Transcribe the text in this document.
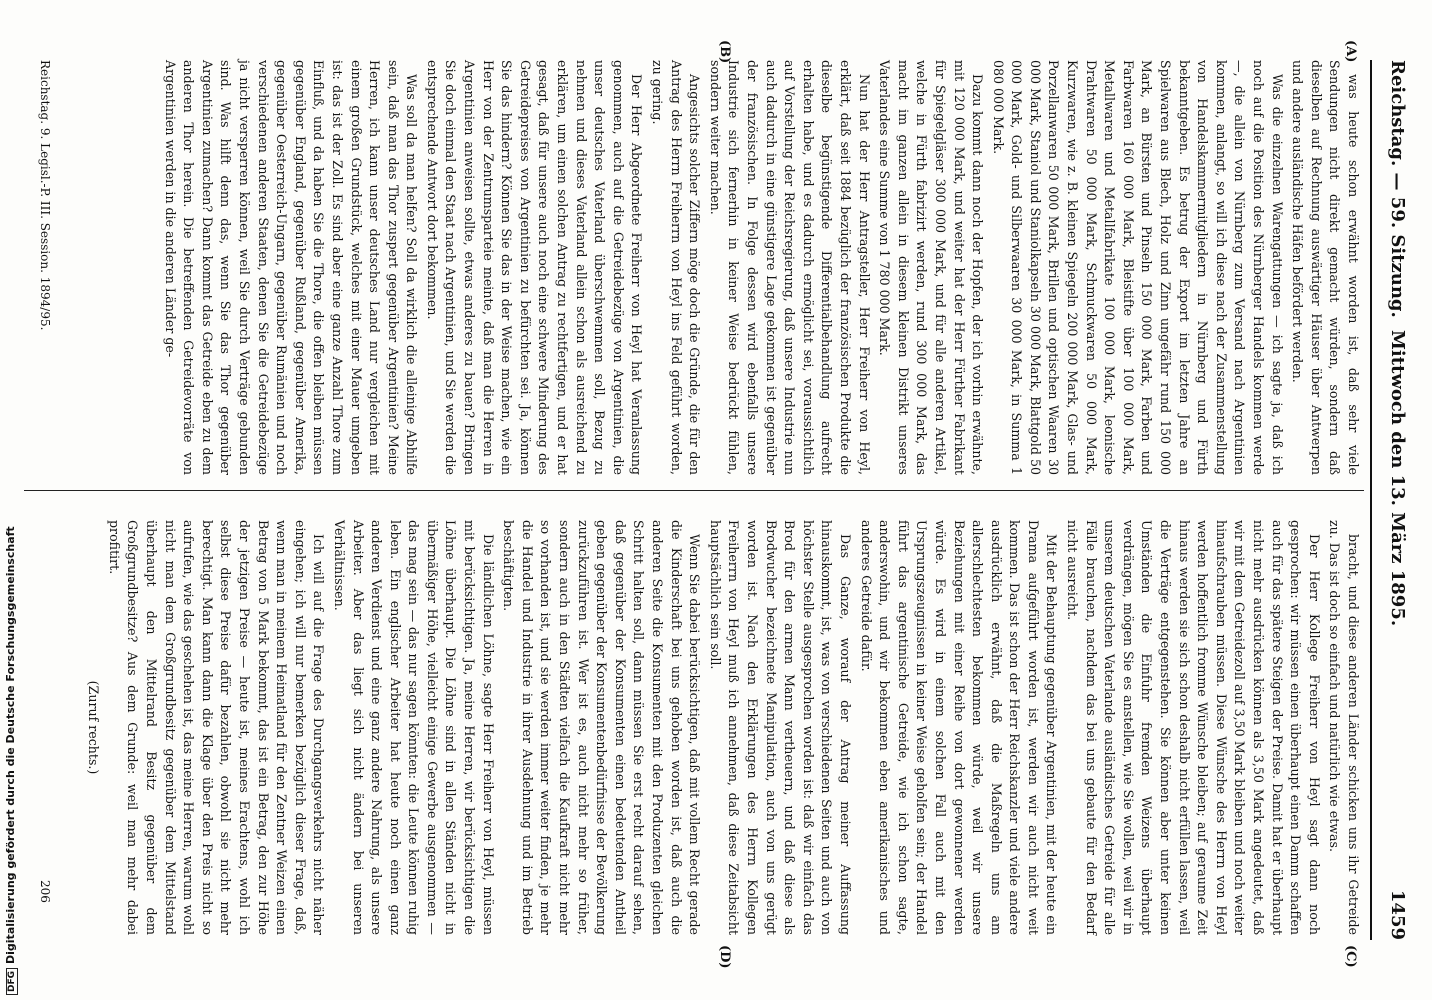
Reichstag. — 59. Sitzung.
Mittwoch den 13. März 1895.
1459
(A)
(B)
(C)
(D)

was heute schon erwähnt worden ist, daß sehr viele Sendungen nicht direkt gemacht würden, sondern daß dieselben auf Rechnung auswärtiger Häuser über Antwerpen und andere ausländische Häfen befördert werden.

Was die einzelnen Warengattungen — ich sagte ja, daß ich noch auf die Position des Nürnberger Handels kommen werde —, die allein von Nürnberg zum Versand nach Argentinien kommen, anlangt, so will ich diese nach der Zusammenstellung von Handelskammermitgliedern in Nürnberg und Fürth bekanntgeben. Es betrug der Export im letzten Jahre an Spielwaren aus Blech, Holz und Zinn ungefähr rund 150 000 Mark, an Bürsten und Pinseln 150 000 Mark, Farben und Farbwaren 160 000 Mark, Bleistifte über 100 000 Mark, Metallwaren und Metallfabrikate 100 000 Mark, leonische Drahtwaren 50 000 Mark, Schmuckwaren 50 000 Mark, Kurzwaren, wie z. B. kleinen Spiegeln 200 000 Mark, Glas- und Porzellanwaren 50 000 Mark, Brillen und optischen Waaren 30 000 Mark, Staniol und Staniolkapseln 30 000 Mark, Blattgold 50 000 Mark, Gold- und Silberwaaren 30 000 Mark, in Summa 1 080 000 Mark.

Dazu kommt dann noch der Hopfen, der ich vorhin erwähnte, mit 120 000 Mark, und weiter hat der Herr Fürther Fabrikant für Spiegelgläser 300 000 Mark, und für alle anderen Artikel, welche in Fürth fabrizirt werden, rund 300 000 Mark, das macht im ganzen allein in diesem kleinen Distrikt unseres Vaterlandes eine Summe von 1 780 000 Mark.

Nun hat der Herr Antragsteller, Herr Freiherr von Heyl, erklärt, daß seit 1884 bezüglich der französischen Produkte die dieselbe begünstigende Differentialbehandlung aufrecht erhalten habe, und es dadurch ermöglicht sei, voraussichtlich auf Vorstellung der Reichsregierung, daß unsere Industrie nun auch dadurch in eine günstigere Lage gekommen ist gegenüber der französischen. In Folge dessen wird ebenfalls unsere Industrie sich fernerhin in keiner Weise bedrückt fühlen, sondern weiter machen.

Angesichts solcher Ziffern möge doch die Gründe, die für den Antrag des Herrn Freiherrn von Heyl ins Feld geführt worden, zu gering.

Der Herr Abgeordnete Freiherr von Heyl hat Veranlassung genommen, auch auf die Getreidebezüge von Argentinien, die unser deutsches Vaterland überschwemmen soll, Bezug zu nehmen und dieses Vaterland allein schon als ausreichend zu erklären, um einen solchen Antrag zu rechtfertigen, und er hat gesagt, daß für unsere auch noch eine schwere Minderung des Getreidepreises von Argentinien zu befürchten sei. Ja, können Sie das hindern? Können Sie das in der Weise machen, wie ein Herr von der Zentrumsparteie meinte, daß man die Herren in Argentinien anweisen sollte, etwas anderes zu bauen? Bringen Sie doch einmal den Staat nach Argentinien, und Sie werden die entsprechende Antwort dort bekommen.

Was soll da man helfen? Soll da wirklich die alleinige Abhilfe sein, daß man das Thor zuspert gegenüber Argentinien? Meine Herren, ich kann unser deutsches Land nur vergleichen mit einem großen Grundstück, welches mit einer Mauer umgeben ist: das ist der Zoll. Es sind aber eine ganze Anzahl Thore zum Einfluß, und da haben Sie die Thore, die offen bleiben müssen gegenüber England, gegenüber Rußland, gegenüber Amerika, gegenüber Oesterreich-Ungarn, gegenüber Rumänien und noch verschiedenen anderen Staaten, denen Sie die Getreidebezüge ja nicht versperren können, weil Sie durch Verträge gebunden sind. Was hilft denn das, wenn Sie das Thor gegenüber Argentinien zumachen? Dann kommt das Getreide eben zu dem anderen Thor herein. Die betreffenden Getreidevorräte von Argentinien werden in die anderen Länder ge-

bracht, und diese anderen Länder schicken uns ihr Getreide zu. Das ist doch so einfach und natürlich wie etwas.

Der Herr Kollege Freiherr von Heyl sagt dann noch gesprochen: wir müssen einen überhaupt einen Damm schaffen auch für das spätere Steigen der Preise. Damit hat er überhaupt nicht mehr ausdrücken können als 3,50 Mark angedeutet, daß wir mit dem Getreidezoll auf 3,50 Mark bleiben und noch weiter hinaufschrauben müssen. Diese Wünsche des Herrn von Heyl werden hoffentlich fromme Wünsche bleiben; auf geraume Zeit hinaus werden sie sich schon deshalb nicht erfüllen lassen, weil die Verträge entgegenstehen. Sie können aber unter keinen Umständen die Einfuhr fremden Weizens überhaupt verdrängen, mögen Sie es anstellen, wie Sie wollen, weil wir in unserem deutschen Vaterlande ausländisches Getreide für alle Fälle brauchen, nachdem das bei uns gebaute für den Bedarf nicht ausreicht.

Mit der Behauptung gegenüber Argentinien, mit der heute ein Drama aufgeführt worden ist, werden wir auch nicht weit kommen. Das ist schon der Herr Reichskanzler und viele andere ausdrücklich erwähnt, daß die Maßregeln uns am allerschlechtesten bekommen würde, weil wir unsere Beziehungen mit einer Reihe von dort gewonnener werden würde. Es wird in einem solchen Fall auch mit den Ursprungszeugnissen in keiner Weise geholfen sein; der Handel führt das argentinische Getreide, wie ich schon sagte, anderswohin, und wir bekommen eben amerikanisches und anderes Getreide dafür.

Das Ganze, worauf der Antrag meiner Auffassung hinauskommt, ist, was von verschiedenen Seiten und auch von höchster Stelle ausgesprochen worden ist: daß wir einfach das Brod für den armen Mann vertheuern, und daß diese als Brodwucher bezeichnete Manipulation, auch von uns gerügt worden ist. Nach den Erklärungen des Herrn Kollegen Freiherrn von Heyl muß ich annehmen, daß diese Zeitabsicht hauptsächlich sein soll.

Wenn Sie dabei berücksichtigen, daß mit vollem Recht gerade die Kinderschaft bei uns gehoben worden ist, daß auch die anderen Seite die Konsumenten mit den Produzenten gleichen Schritt halten soll, dann müssen Sie erst recht darauf sehen, daß gegenüber der Konsumenten einen bedeutenden Antheil geben gegenüber der Konsumentenbedürfnisse der Bevölkerung zurückzuführen ist. Wer ist es, auch nicht mehr so früher, sondern auch in den Städten vielfach die Kaufkraft nicht mehr so vorhanden ist, und sie werden immer weiter finden, je mehr die Handel und Industrie in ihrer Ausdehnung und im Betrieb beschäftigten.

Die ländlichen Löhne, sagte Herr Freiherr von Heyl, müssen mit berücksichtigen. Ja, meine Herren, wir berücksichtigen die Löhne überhaupt. Die Löhne sind in allen Ständen nicht in übermäßiger Höhe, vielleicht einige Gewerbe ausgenommen — das mag sein — das nur sagen könnten: die Leute können ruhig leben. Ein englischer Arbeiter hat heute noch einen ganz anderen Verdienst und eine ganz andere Nahrung, als unsere Arbeiter. Aber das liegt sich nicht ändern bei unseren Verhältnissen.

Ich will auf die Frage des Durchgangsverkehrs nicht näher eingehen; ich will nur bemerken bezüglich dieser Frage, daß, wenn man in meinem Heimatland für den Zentner Weizen einen Betrag von 5 Mark bekommt, das ist ein Betrag, den zur Höhe der jetzigen Preise — heute ist, meines Erachtens, wohl ich selbst diese Preise dafür bezahlen, obwohl sie nicht mehr berechtigt. Man kann dann die Klage über den Preis nicht so aufrufen, wie das geschehen ist, das meine Herren, warum wohl nicht man dem Großgrundbesitz gegenüber dem Mittelstand überhaupt den Mittelrand Besitz gegenüber dem Großgrundbesitze? Aus dem Grunde: weil man mehr dabei profitirt.

(Zuruf rechts.)

Reichstag. 9. Legisl.-P. III. Session. 1894/95.
206
DFGDigitalisierung gefördert durch die Deutsche Forschungsgemeinschaft
